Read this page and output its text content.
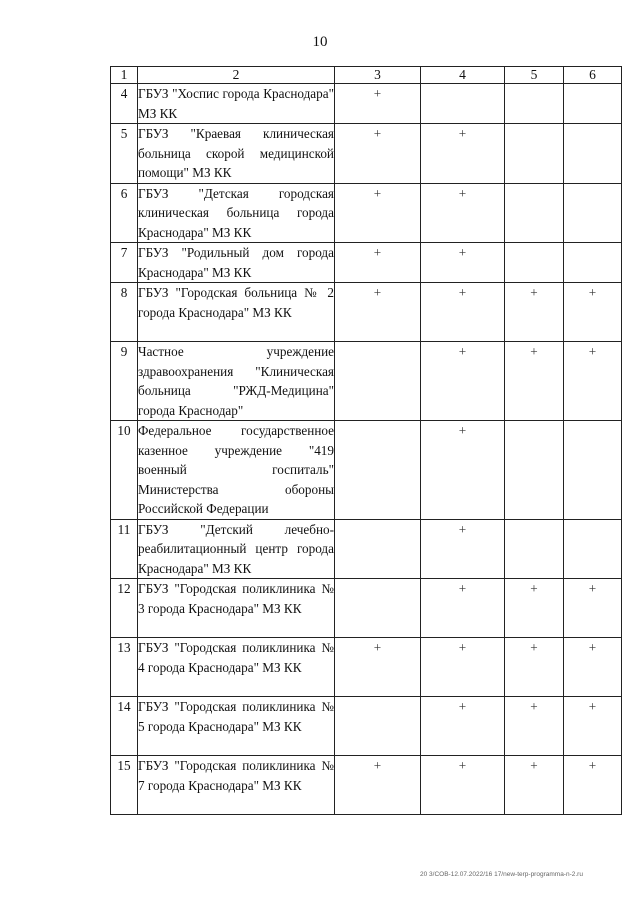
10
1	2	3	4	5	6
4	ГБУЗ "Хоспис города Краснодара" МЗ КК	+			
5	ГБУЗ "Краевая клиническая больница скорой медицинской помощи" МЗ КК	+	+		
6	ГБУЗ "Детская городская клиническая больница города Краснодара" МЗ КК	+	+		
7	ГБУЗ "Родильный дом города Краснодара" МЗ КК	+	+		
8	ГБУЗ "Городская больница № 2 города Краснодара" МЗ КК	+	+	+	+
9	Частное учреждение здравоохранения "Клиническая больница "РЖД-Медицина" города Краснодар"		+	+	+
10	Федеральное государственное казенное учреждение "419 военный госпиталь" Министерства обороны Российской Федерации		+		
11	ГБУЗ "Детский лечебно-реабилитационный центр города Краснодара" МЗ КК		+		
12	ГБУЗ "Городская поликлиника № 3 города Краснодара" МЗ КК		+	+	+
13	ГБУЗ "Городская поликлиника № 4 города Краснодара" МЗ КК	+	+	+	+
14	ГБУЗ "Городская поликлиника № 5 города Краснодара" МЗ КК		+	+	+
15	ГБУЗ "Городская поликлиника № 7 города Краснодара" МЗ КК	+	+	+	+
20 3/COB-12.07.2022/16 17/new-terp-programma-n-2.ru
